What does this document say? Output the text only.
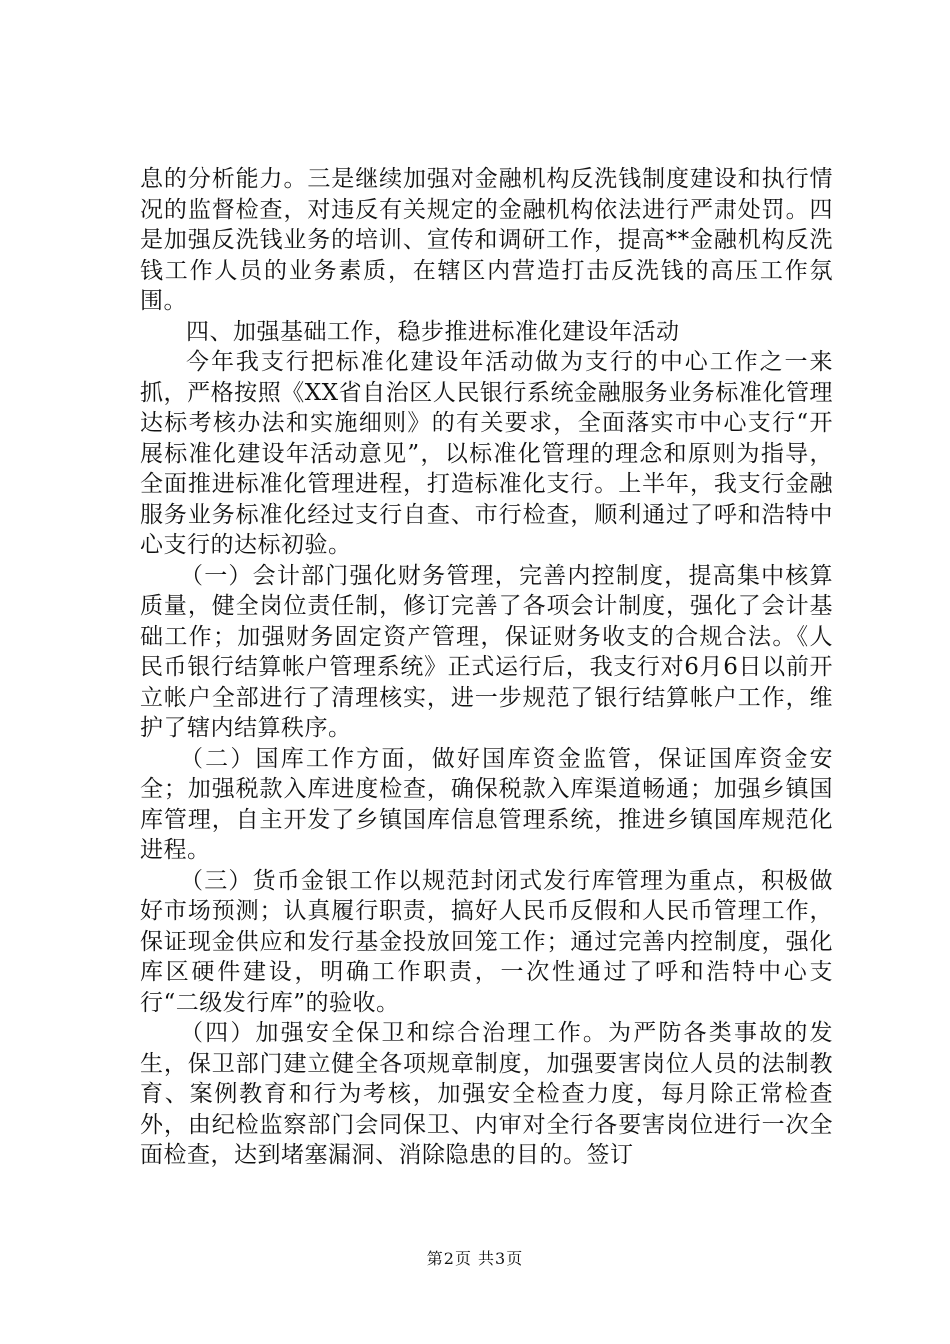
息的分析能力。三是继续加强对金融机构反洗钱制度建设和执行情况的监督检查，对违反有关规定的金融机构依法进行严肃处罚。四是加强反洗钱业务的培训、宣传和调研工作，提高**金融机构反洗钱工作人员的业务素质，在辖区内营造打击反洗钱的高压工作氛围。

四、加强基础工作，稳步推进标准化建设年活动

今年我支行把标准化建设年活动做为支行的中心工作之一来抓，严格按照《XX省自治区人民银行系统金融服务业务标准化管理达标考核办法和实施细则》的有关要求，全面落实市中心支行“开展标准化建设年活动意见”，以标准化管理的理念和原则为指导，全面推进标准化管理进程，打造标准化支行。上半年，我支行金融服务业务标准化经过支行自查、市行检查，顺利通过了呼和浩特中心支行的达标初验。

（一）会计部门强化财务管理，完善内控制度，提高集中核算质量，健全岗位责任制，修订完善了各项会计制度，强化了会计基础工作；加强财务固定资产管理，保证财务收支的合规合法。《人民币银行结算帐户管理系统》正式运行后，我支行对6月6日以前开立帐户全部进行了清理核实，进一步规范了银行结算帐户工作，维护了辖内结算秩序。

（二）国库工作方面，做好国库资金监管，保证国库资金安全；加强税款入库进度检查，确保税款入库渠道畅通；加强乡镇国库管理，自主开发了乡镇国库信息管理系统，推进乡镇国库规范化进程。

（三）货币金银工作以规范封闭式发行库管理为重点，积极做好市场预测；认真履行职责，搞好人民币反假和人民币管理工作，保证现金供应和发行基金投放回笼工作；通过完善内控制度，强化库区硬件建设，明确工作职责，一次性通过了呼和浩特中心支行“二级发行库”的验收。

（四）加强安全保卫和综合治理工作。为严防各类事故的发生，保卫部门建立健全各项规章制度，加强要害岗位人员的法制教育、案例教育和行为考核，加强安全检查力度，每月除正常检查外，由纪检监察部门会同保卫、内审对全行各要害岗位进行一次全面检查，达到堵塞漏洞、消除隐患的目的。签订

第2页 共3页
